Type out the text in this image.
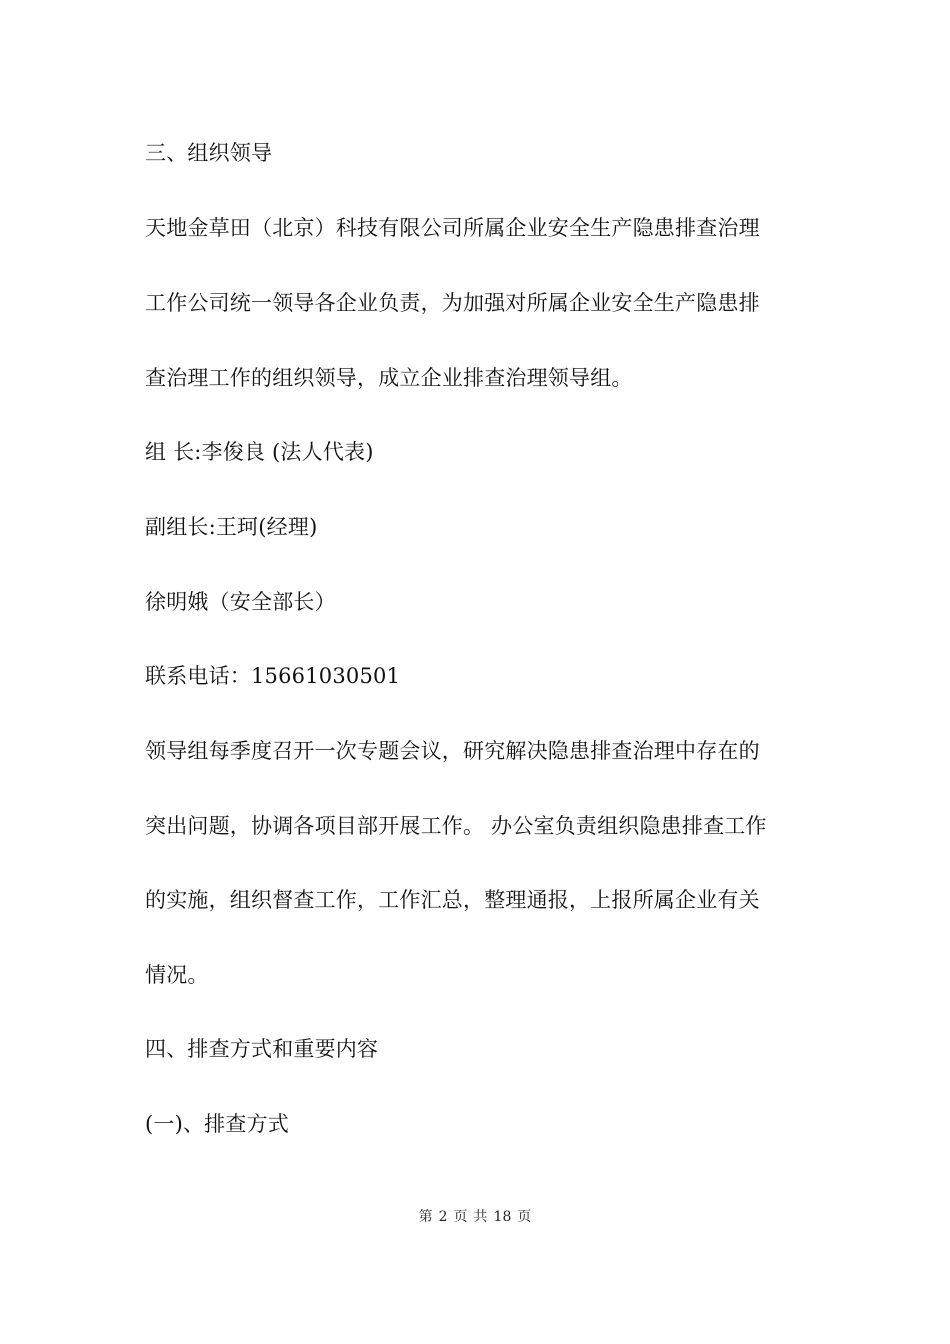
三、组织领导
天地金草田（北京）科技有限公司所属企业安全生产隐患排查治理
工作公司统一领导各企业负责，为加强对所属企业安全生产隐患排
查治理工作的组织领导，成立企业排查治理领导组。
组 长:李俊良 (法人代表)
副组长:王珂(经理)
徐明娥（安全部长）
联系电话：15661030501
领导组每季度召开一次专题会议，研究解决隐患排查治理中存在的
突出问题，协调各项目部开展工作。 办公室负责组织隐患排查工作
的实施，组织督查工作，工作汇总，整理通报，上报所属企业有关
情况。
四、排查方式和重要内容
(一)、排查方式
第 2 页 共 18 页
